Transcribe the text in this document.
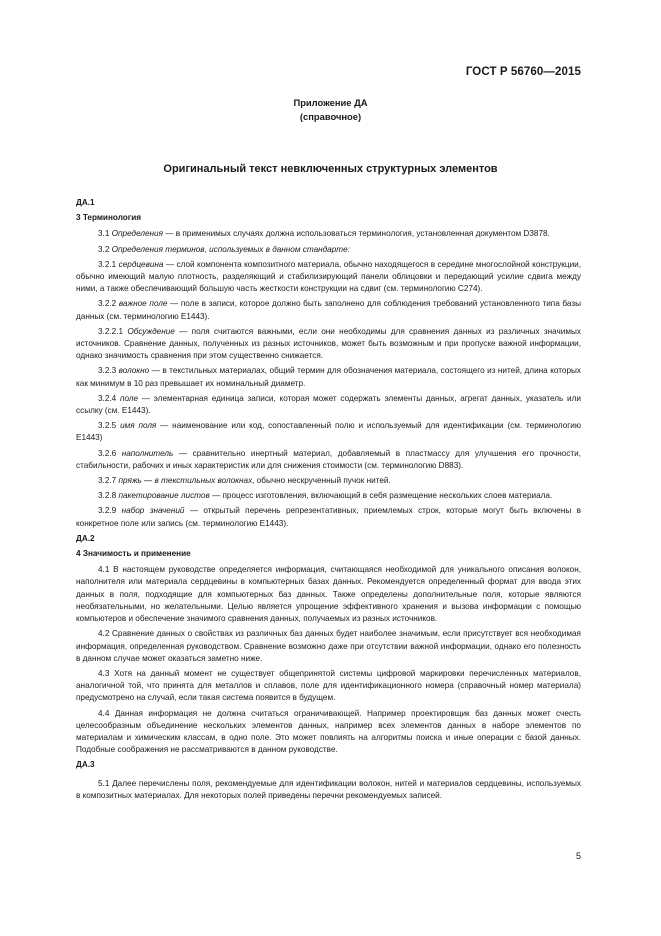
ГОСТ Р 56760—2015
Приложение ДА
(справочное)
Оригинальный текст невключенных структурных элементов

ДА.1

3 Терминология

3.1 Определения — в применимых случаях должна использоваться терминология, установленная документом D3878.

3.2 Определения терминов, используемых в данном стандарте:

3.2.1 сердцевина — слой компонента композитного материала, обычно находящегося в середине многослойной конструкции, обычно имеющий малую плотность, разделяющий и стабилизирующий панели облицовки и передающий усилие сдвига между ними, а также обеспечивающий большую часть жесткости конструкции на сдвиг (см. терминологию C274).

3.2.2 важное поле — поле в записи, которое должно быть заполнено для соблюдения требований установленного типа базы данных (см. терминологию E1443).

3.2.2.1 Обсуждение — поля считаются важными, если они необходимы для сравнения данных из различных значимых источников. Сравнение данных, полученных из разных источников, может быть возможным и при пропуске важной информации, однако значимость сравнения при этом существенно снижается.

3.2.3 волокно — в текстильных материалах, общий термин для обозначения материала, состоящего из нитей, длина которых как минимум в 10 раз превышает их номинальный диаметр.

3.2.4 поле — элементарная единица записи, которая может содержать элементы данных, агрегат данных, указатель или ссылку (см. E1443).

3.2.5 имя поля — наименование или код, сопоставленный полю и используемый для идентификации (см. терминологию E1443)

3.2.6 наполнитель — сравнительно инертный материал, добавляемый в пластмассу для улучшения его прочности, стабильности, рабочих и иных характеристик или для снижения стоимости (см. терминологию D883).

3.2.7 пряжь — в текстильных волокнах, обычно нескрученный пучок нитей.

3.2.8 пакетирование листов — процесс изготовления, включающий в себя размещение нескольких слоев материала.

3.2.9 набор значений — открытый перечень репрезентативных, приемлемых строк, которые могут быть включены в конкретное поле или запись (см. терминологию E1443).

ДА.2

4 Значимость и применение

4.1 В настоящем руководстве определяется информация, считающаяся необходимой для уникального описания волокон, наполнителя или материала сердцевины в компьютерных базах данных. Рекомендуется определенный формат для ввода этих данных в поля, подходящие для компьютерных баз данных. Также определены дополнительные поля, которые являются необязательными, но желательными. Целью является упрощение эффективного хранения и вызова информации с помощью компьютеров и обеспечение значимого сравнения данных, получаемых из разных источников.

4.2 Сравнение данных о свойствах из различных баз данных будет наиболее значимым, если присутствует вся необходимая информация, определенная руководством. Сравнение возможно даже при отсутствии важной информации, однако его полезность в данном случае может оказаться заметно ниже.

4.3 Хотя на данный момент не существует общепринятой системы цифровой маркировки перечисленных материалов, аналогичной той, что принята для металлов и сплавов, поле для идентификационного номера (справочный номер материала) предусмотрено на случай, если такая система появится в будущем.

4.4 Данная информация не должна считаться ограничивающей. Например проектировщик баз данных может счесть целесообразным объединение нескольких элементов данных, например всех элементов данных в наборе элементов по материалам и химическим классам, в одно поле. Это может повлиять на алгоритмы поиска и иные операции с базой данных. Подобные соображения не рассматриваются в данном руководстве.

ДА.3

5.1 Далее перечислены поля, рекомендуемые для идентификации волокон, нитей и материалов сердцевины, используемых в композитных материалах. Для некоторых полей приведены перечни рекомендуемых записей.

5
